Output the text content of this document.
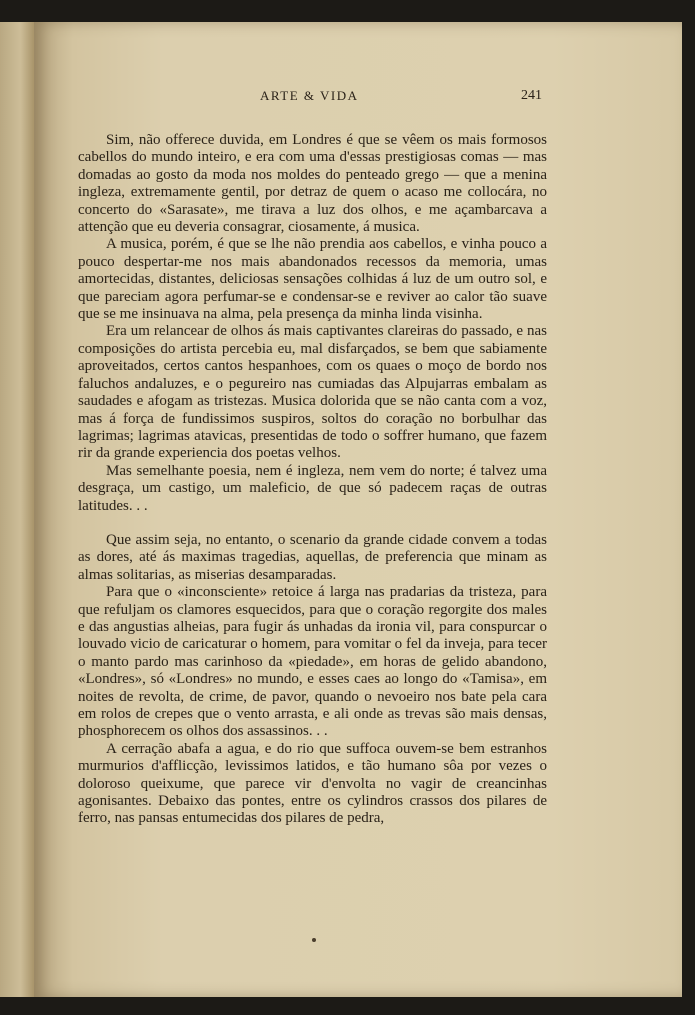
ARTE & VIDA	241

Sim, não offerece duvida, em Londres é que se vêem os mais formosos cabellos do mundo inteiro, e era com uma d'essas prestigiosas comas — mas domadas ao gosto da moda nos moldes do penteado grego — que a menina ingleza, extremamente gentil, por detraz de quem o acaso me collocára, no concerto do «Sarasate», me tirava a luz dos olhos, e me açambarcava a attenção que eu deveria consagrar, ciosamente, á musica.

A musica, porém, é que se lhe não prendia aos cabellos, e vinha pouco a pouco despertar-me nos mais abandonados recessos da memoria, umas amortecidas, distantes, deliciosas sensações colhidas á luz de um outro sol, e que pareciam agora perfumar-se e condensar-se e reviver ao calor tão suave que se me insinuava na alma, pela presença da minha linda visinha.

Era um relancear de olhos ás mais captivantes clareiras do passado, e nas composições do artista percebia eu, mal disfarçados, se bem que sabiamente aproveitados, certos cantos hespanhoes, com os quaes o moço de bordo nos faluchos andaluzes, e o pegureiro nas cumiadas das Alpujarras embalam as saudades e afogam as tristezas. Musica dolorida que se não canta com a voz, mas á força de fundissimos suspiros, soltos do coração no borbulhar das lagrimas; lagrimas atavicas, presentidas de todo o soffrer humano, que fazem rir da grande experiencia dos poetas velhos.

Mas semelhante poesia, nem é ingleza, nem vem do norte; é talvez uma desgraça, um castigo, um maleficio, de que só padecem raças de outras latitudes. . .

Que assim seja, no entanto, o scenario da grande cidade convem a todas as dores, até ás maximas tragedias, aquellas, de preferencia que minam as almas solitarias, as miserias desamparadas.

Para que o «inconsciente» retoice á larga nas pradarias da tristeza, para que refuljam os clamores esquecidos, para que o coração regorgite dos males e das angustias alheias, para fugir ás unhadas da ironia vil, para conspurcar o louvado vicio de caricaturar o homem, para vomitar o fel da inveja, para tecer o manto pardo mas carinhoso da «piedade», em horas de gelido abandono, «Londres», só «Londres» no mundo, e esses caes ao longo do «Tamisa», em noites de revolta, de crime, de pavor, quando o nevoeiro nos bate pela cara em rolos de crepes que o vento arrasta, e ali onde as trevas são mais densas, phosphorecem os olhos dos assassinos. . .

A cerração abafa a agua, e do rio que suffoca ouvem-se bem estranhos murmurios d'afflicção, levissimos latidos, e tão humano sôa por vezes o doloroso queixume, que parece vir d'envolta no vagir de creancinhas agonisantes. Debaixo das pontes, entre os cylindros crassos dos pilares de ferro, nas pansas entumecidas dos pilares de pedra,
